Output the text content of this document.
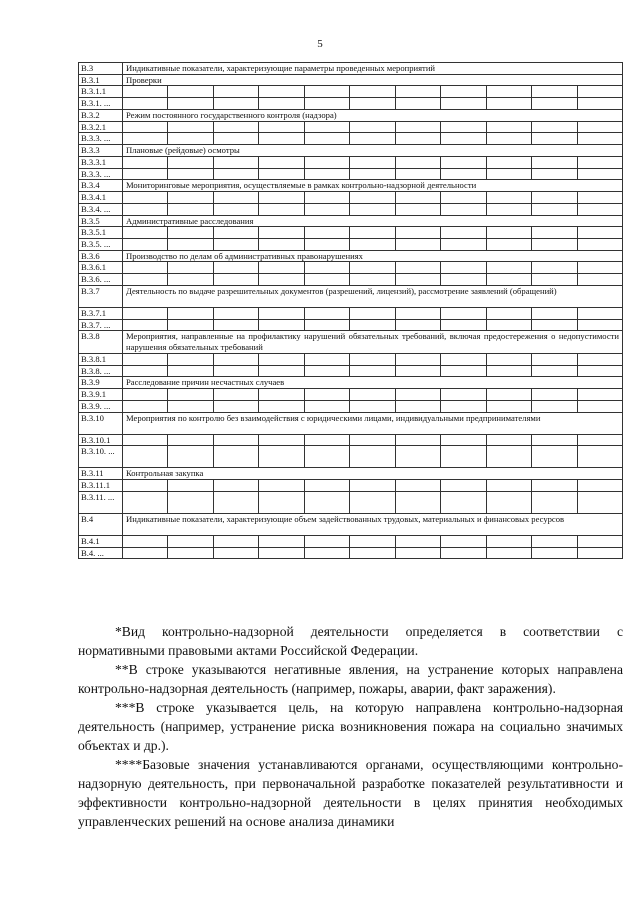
5
B.3	Индикативные показатели, характеризующие параметры проведенных мероприятий										
B.3.1	Проверки										
B.3.1.1											
B.3.1. ...											
B.3.2	Режим постоянного государственного контроля (надзора)										
B.3.2.1											
B.3.3. ...											
B.3.3	Плановые (рейдовые) осмотры										
B.3.3.1											
B.3.3. ...											
B.3.4	Мониторинговые мероприятия, осуществляемые в рамках контрольно-надзорной деятельности										
B.3.4.1											
B.3.4. ...											
B.3.5	Административные расследования										
B.3.5.1											
B.3.5. ...											
B.3.6	Производство по делам об административных правонарушениях										
B.3.6.1											
B.3.6. ...											
B.3.7	Деятельность по выдаче разрешительных документов (разрешений, лицензий), рассмотрение заявлений (обращений)										
B.3.7.1											
B.3.7. ...											
B.3.8	Мероприятия, направленные на профилактику нарушений обязательных требований, включая предостережения о недопустимости нарушения обязательных требований										
B.3.8.1											
B.3.8. ...											
B.3.9	Расследование причин несчастных случаев										
B.3.9.1											
B.3.9. ...											
B.3.10	Мероприятия по контролю без взаимодействия с юридическими лицами, индивидуальными предпринимателями										
B.3.10.1											
B.3.10. ...											
B.3.11	Контрольная закупка										
B.3.11.1											
B.3.11. ...											
B.4	Индикативные показатели, характеризующие объем задействованных трудовых, материальных и финансовых ресурсов										
B.4.1											
B.4. ...											

*Вид контрольно-надзорной деятельности определяется в соответствии с нормативными правовыми актами Российской Федерации.

**В строке указываются негативные явления, на устранение которых направлена контрольно-надзорная деятельность (например, пожары, аварии, факт заражения).

***В строке указывается цель, на которую направлена контрольно-надзорная деятельность (например, устранение риска возникновения пожара на социально значимых объектах и др.).

****Базовые значения устанавливаются органами, осуществляющими контрольно-надзорную деятельность, при первоначальной разработке показателей результативности и эффективности контрольно-надзорной деятельности в целях принятия необходимых управленческих решений на основе анализа динамики
